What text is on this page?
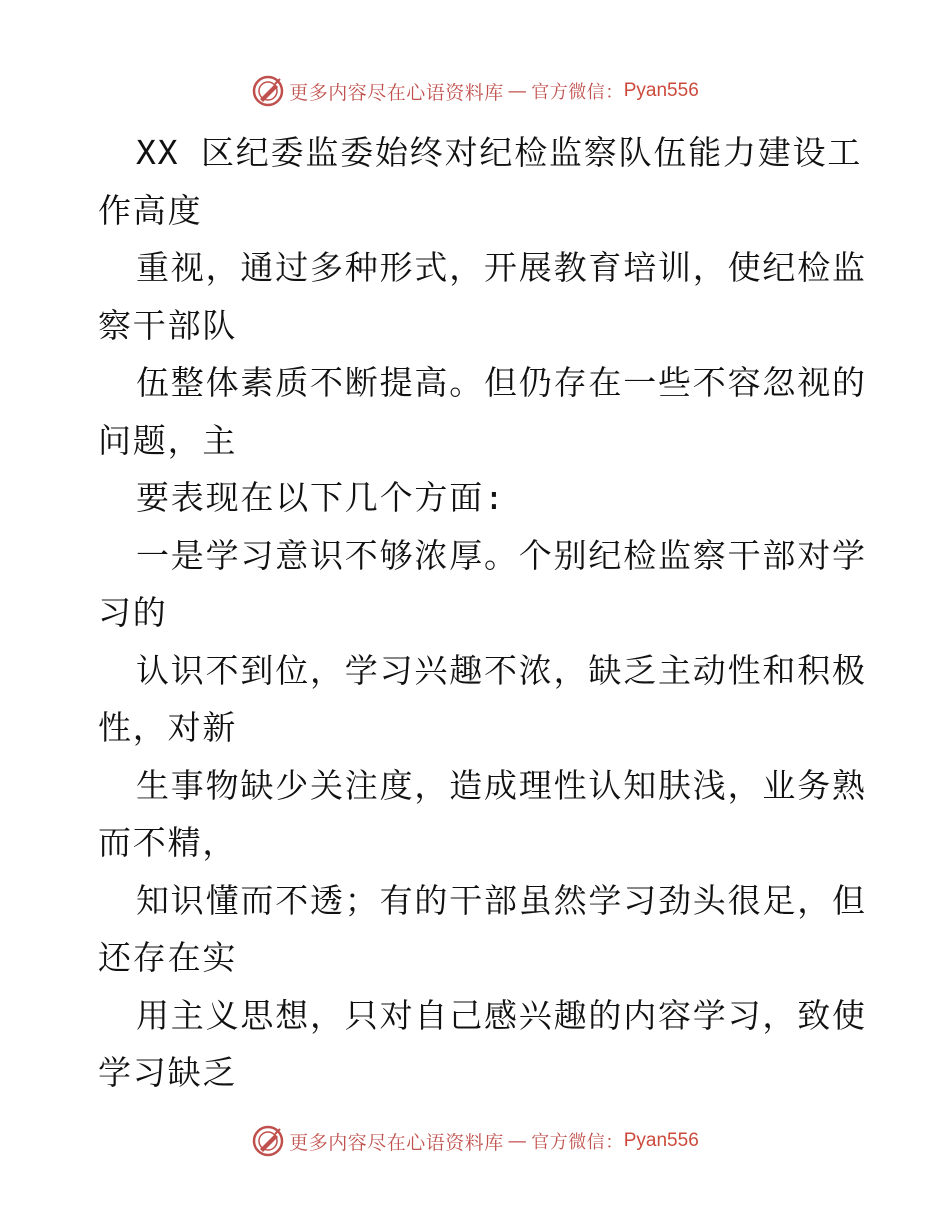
更多内容尽在心语资料库 — 官方微信： Pyan556
XX 区纪委监委始终对纪检监察队伍能力建设工
作高度
重视，通过多种形式，开展教育培训，使纪检监
察干部队
伍整体素质不断提高。但仍存在一些不容忽视的
问题，主
要表现在以下几个方面:
一是学习意识不够浓厚。个别纪检监察干部对学
习的
认识不到位，学习兴趣不浓，缺乏主动性和积极
性，对新
生事物缺少关注度，造成理性认知肤浅，业务熟
而不精，
知识懂而不透；有的干部虽然学习劲头很足，但
还存在实
用主义思想，只对自己感兴趣的内容学习，致使
学习缺乏
更多内容尽在心语资料库 — 官方微信： Pyan556
